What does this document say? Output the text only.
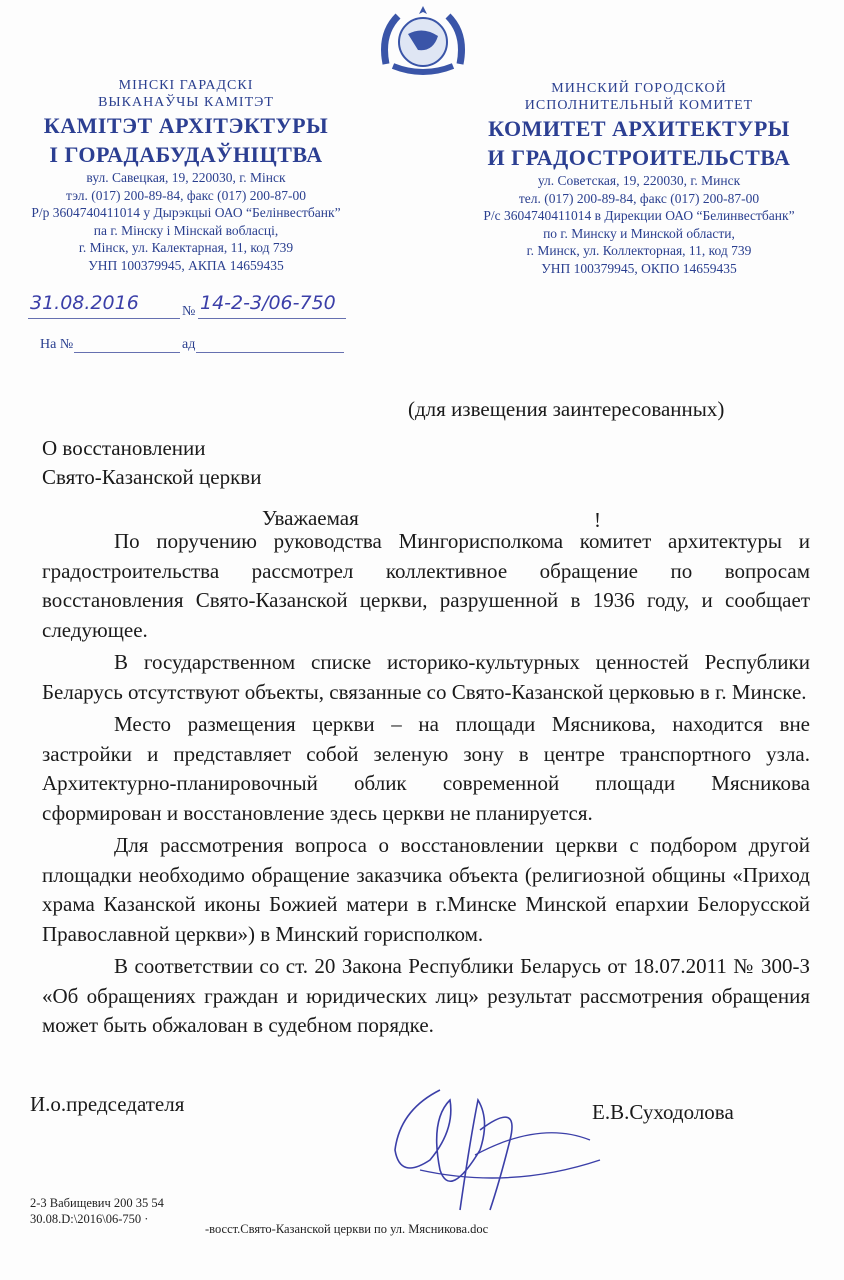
МІНСКІ ГАРАДСКІ
ВЫКАНАЎЧЫ КАМІТЭТ
КАМІТЭТ АРХІТЭКТУРЫ
І ГОРАДАБУДАЎНІЦТВА
вул. Савецкая, 19, 220030, г. Мінск
тэл. (017) 200-89-84, факс (017) 200-87-00
Р/р 3604740411014 у Дырэкцыі ОАО “Белінвестбанк”
па г. Мінску і Мінскай вобласці,
г. Мінск, ул. Калектарная, 11, код 739
УНП 100379945, АКПА 14659435
МИНСКИЙ ГОРОДСКОЙ
ИСПОЛНИТЕЛЬНЫЙ КОМИТЕТ
КОМИТЕТ АРХИТЕКТУРЫ
И ГРАДОСТРОИТЕЛЬСТВА
ул. Советская, 19, 220030, г. Минск
тел. (017) 200-89-84, факс (017) 200-87-00
Р/с 3604740411014 в Дирекции ОАО “Белинвестбанк”
по г. Минску и Минской области,
г. Минск, ул. Коллекторная, 11, код 739
УНП 100379945, ОКПО 14659435
31.08.2016	№ 14-2-3/06-750
На №	ад
(для извещения заинтересованных)
О восстановлении
Свято-Казанской церкви
Уважаемая	!

По поручению руководства Мингорисполкома комитет архитектуры и градостроительства рассмотрел коллективное обращение по вопросам восстановления Свято-Казанской церкви, разрушенной в 1936 году, и сообщает следующее.

В государственном списке историко-культурных ценностей Республики Беларусь отсутствуют объекты, связанные со Свято-Казанской церковью в г. Минске.

Место размещения церкви – на площади Мясникова, находится вне застройки и представляет собой зеленую зону в центре транспортного узла. Архитектурно-планировочный облик современной площади Мясникова сформирован и восстановление здесь церкви не планируется.

Для рассмотрения вопроса о восстановлении церкви с подбором другой площадки необходимо обращение заказчика объекта (религиозной общины «Приход храма Казанской иконы Божией матери в г.Минске Минской епархии Белорусской Православной церкви») в Минский горисполком.

В соответствии со ст. 20 Закона Республики Беларусь от 18.07.2011 № 300-З «Об обращениях граждан и юридических лиц» результат рассмотрения обращения может быть обжалован в судебном порядке.

И.о.председателя	Е.В.Суходолова
2-3 Вабищевич 200 35 54
30.08.D:\2016\06-750 ·
-восст.Свято-Казанской церкви по ул. Мясникова.doc
